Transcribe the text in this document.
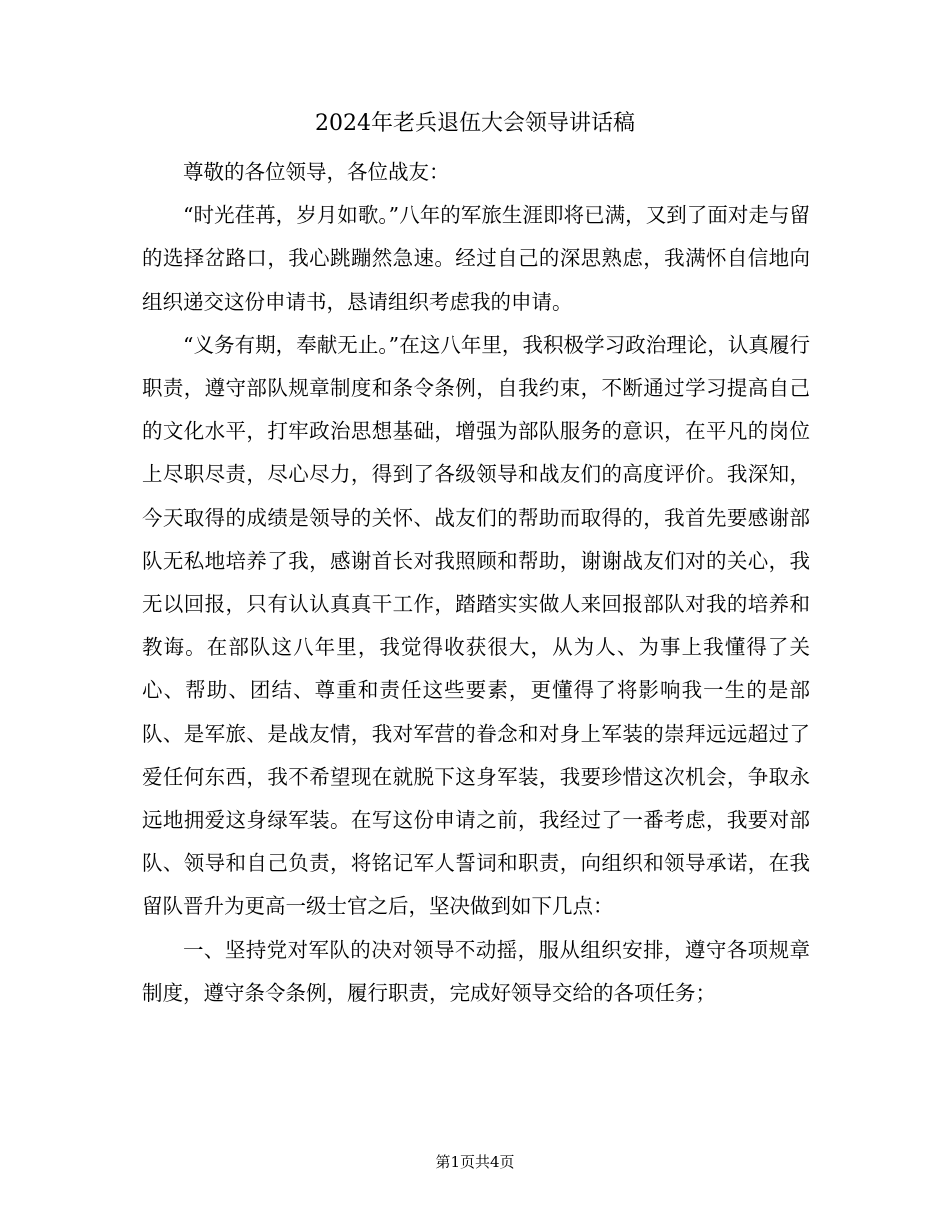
2024年老兵退伍大会领导讲话稿

尊敬的各位领导，各位战友：

“时光荏苒，岁月如歌。”八年的军旅生涯即将已满，又到了面对走与留的选择岔路口，我心跳蹦然急速。经过自己的深思熟虑，我满怀自信地向组织递交这份申请书，恳请组织考虑我的申请。

“义务有期，奉献无止。”在这八年里，我积极学习政治理论，认真履行职责，遵守部队规章制度和条令条例，自我约束，不断通过学习提高自己的文化水平，打牢政治思想基础，增强为部队服务的意识，在平凡的岗位上尽职尽责，尽心尽力，得到了各级领导和战友们的高度评价。我深知，今天取得的成绩是领导的关怀、战友们的帮助而取得的，我首先要感谢部队无私地培养了我，感谢首长对我照顾和帮助，谢谢战友们对的关心，我无以回报，只有认认真真干工作，踏踏实实做人来回报部队对我的培养和教诲。在部队这八年里，我觉得收获很大，从为人、为事上我懂得了关心、帮助、团结、尊重和责任这些要素，更懂得了将影响我一生的是部队、是军旅、是战友情，我对军营的眷念和对身上军装的崇拜远远超过了爱任何东西，我不希望现在就脱下这身军装，我要珍惜这次机会，争取永远地拥爱这身绿军装。在写这份申请之前，我经过了一番考虑，我要对部队、领导和自己负责，将铭记军人誓词和职责，向组织和领导承诺，在我留队晋升为更高一级士官之后，坚决做到如下几点：

一、坚持党对军队的决对领导不动摇，服从组织安排，遵守各项规章制度，遵守条令条例，履行职责，完成好领导交给的各项任务；

第1页共4页
